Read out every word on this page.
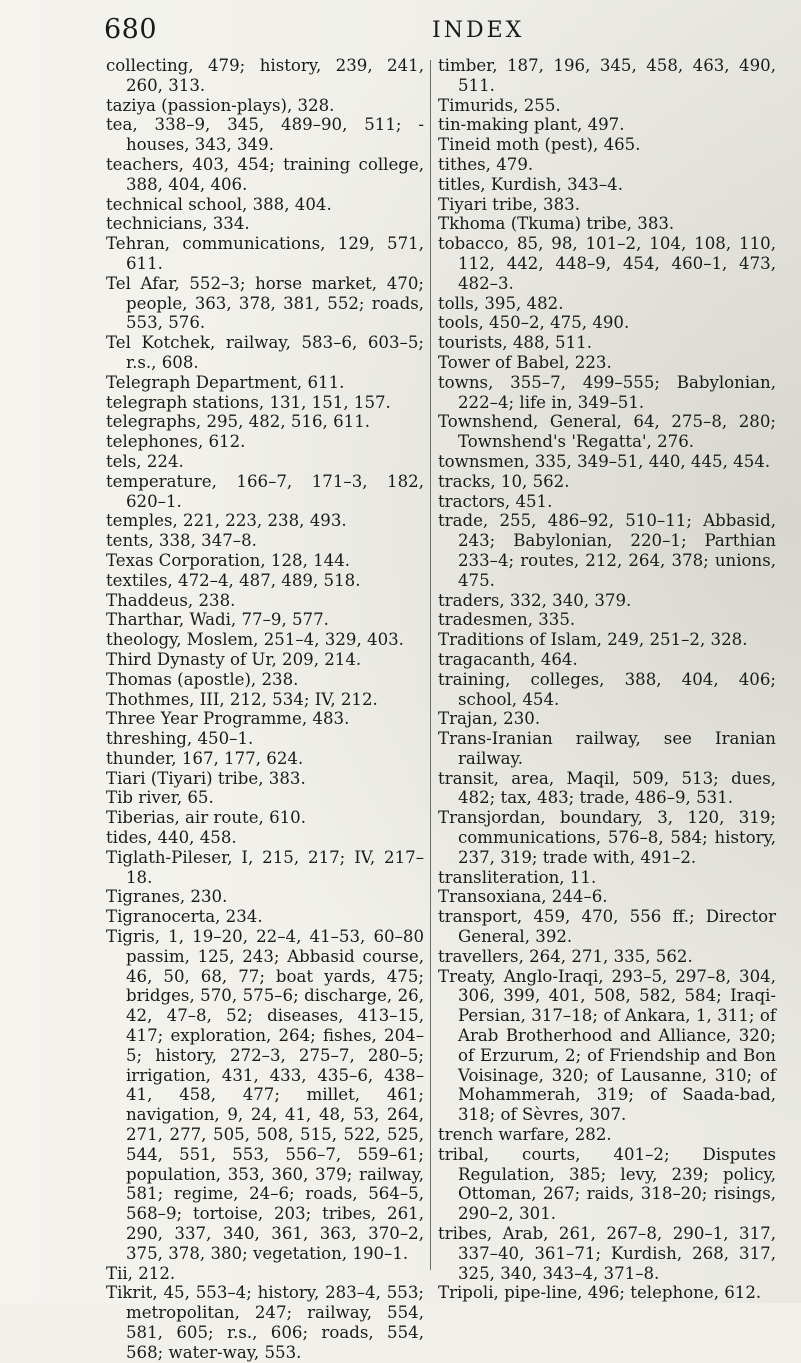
680	INDEX

collecting, 479; history, 239, 241, 260, 313.

taziya (passion-plays), 328.

tea, 338–9, 345, 489–90, 511; -houses, 343, 349.

teachers, 403, 454; training college, 388, 404, 406.

technical school, 388, 404.

technicians, 334.

Tehran, communications, 129, 571, 611.

Tel Afar, 552–3; horse market, 470; people, 363, 378, 381, 552; roads, 553, 576.

Tel Kotchek, railway, 583–6, 603–5; r.s., 608.

Telegraph Department, 611.

telegraph stations, 131, 151, 157.

telegraphs, 295, 482, 516, 611.

telephones, 612.

tels, 224.

temperature, 166–7, 171–3, 182, 620–1.

temples, 221, 223, 238, 493.

tents, 338, 347–8.

Texas Corporation, 128, 144.

textiles, 472–4, 487, 489, 518.

Thaddeus, 238.

Tharthar, Wadi, 77–9, 577.

theology, Moslem, 251–4, 329, 403.

Third Dynasty of Ur, 209, 214.

Thomas (apostle), 238.

Thothmes, III, 212, 534; IV, 212.

Three Year Programme, 483.

threshing, 450–1.

thunder, 167, 177, 624.

Tiari (Tiyari) tribe, 383.

Tib river, 65.

Tiberias, air route, 610.

tides, 440, 458.

Tiglath-Pileser, I, 215, 217; IV, 217–18.

Tigranes, 230.

Tigranocerta, 234.

Tigris, 1, 19–20, 22–4, 41–53, 60–80 passim, 125, 243; Abbasid course, 46, 50, 68, 77; boat yards, 475; bridges, 570, 575–6; discharge, 26, 42, 47–8, 52; diseases, 413–15, 417; exploration, 264; fishes, 204–5; history, 272–3, 275–7, 280–5; irrigation, 431, 433, 435–6, 438–41, 458, 477; millet, 461; navigation, 9, 24, 41, 48, 53, 264, 271, 277, 505, 508, 515, 522, 525, 544, 551, 553, 556–7, 559–61; population, 353, 360, 379; railway, 581; regime, 24–6; roads, 564–5, 568–9; tortoise, 203; tribes, 261, 290, 337, 340, 361, 363, 370–2, 375, 378, 380; vegetation, 190–1.

Tii, 212.

Tikrit, 45, 553–4; history, 283–4, 553; metropolitan, 247; railway, 554, 581, 605; r.s., 606; roads, 554, 568; water-way, 553.

timber, 187, 196, 345, 458, 463, 490, 511.

Timurids, 255.

tin-making plant, 497.

Tineid moth (pest), 465.

tithes, 479.

titles, Kurdish, 343–4.

Tiyari tribe, 383.

Tkhoma (Tkuma) tribe, 383.

tobacco, 85, 98, 101–2, 104, 108, 110, 112, 442, 448–9, 454, 460–1, 473, 482–3.

tolls, 395, 482.

tools, 450–2, 475, 490.

tourists, 488, 511.

Tower of Babel, 223.

towns, 355–7, 499–555; Babylonian, 222–4; life in, 349–51.

Townshend, General, 64, 275–8, 280; Townshend's 'Regatta', 276.

townsmen, 335, 349–51, 440, 445, 454.

tracks, 10, 562.

tractors, 451.

trade, 255, 486–92, 510–11; Abbasid, 243; Babylonian, 220–1; Parthian 233–4; routes, 212, 264, 378; unions, 475.

traders, 332, 340, 379.

tradesmen, 335.

Traditions of Islam, 249, 251–2, 328.

tragacanth, 464.

training, colleges, 388, 404, 406; school, 454.

Trajan, 230.

Trans-Iranian railway, see Iranian railway.

transit, area, Maqil, 509, 513; dues, 482; tax, 483; trade, 486–9, 531.

Transjordan, boundary, 3, 120, 319; communications, 576–8, 584; history, 237, 319; trade with, 491–2.

transliteration, 11.

Transoxiana, 244–6.

transport, 459, 470, 556 ff.; Director General, 392.

travellers, 264, 271, 335, 562.

Treaty, Anglo-Iraqi, 293–5, 297–8, 304, 306, 399, 401, 508, 582, 584; Iraqi-Persian, 317–18; of Ankara, 1, 311; of Arab Brotherhood and Alliance, 320; of Erzurum, 2; of Friendship and Bon Voisinage, 320; of Lausanne, 310; of Mohammerah, 319; of Saada-bad, 318; of Sèvres, 307.

trench warfare, 282.

tribal, courts, 401–2; Disputes Regulation, 385; levy, 239; policy, Ottoman, 267; raids, 318–20; risings, 290–2, 301.

tribes, Arab, 261, 267–8, 290–1, 317, 337–40, 361–71; Kurdish, 268, 317, 325, 340, 343–4, 371–8.

Tripoli, pipe-line, 496; telephone, 612.
